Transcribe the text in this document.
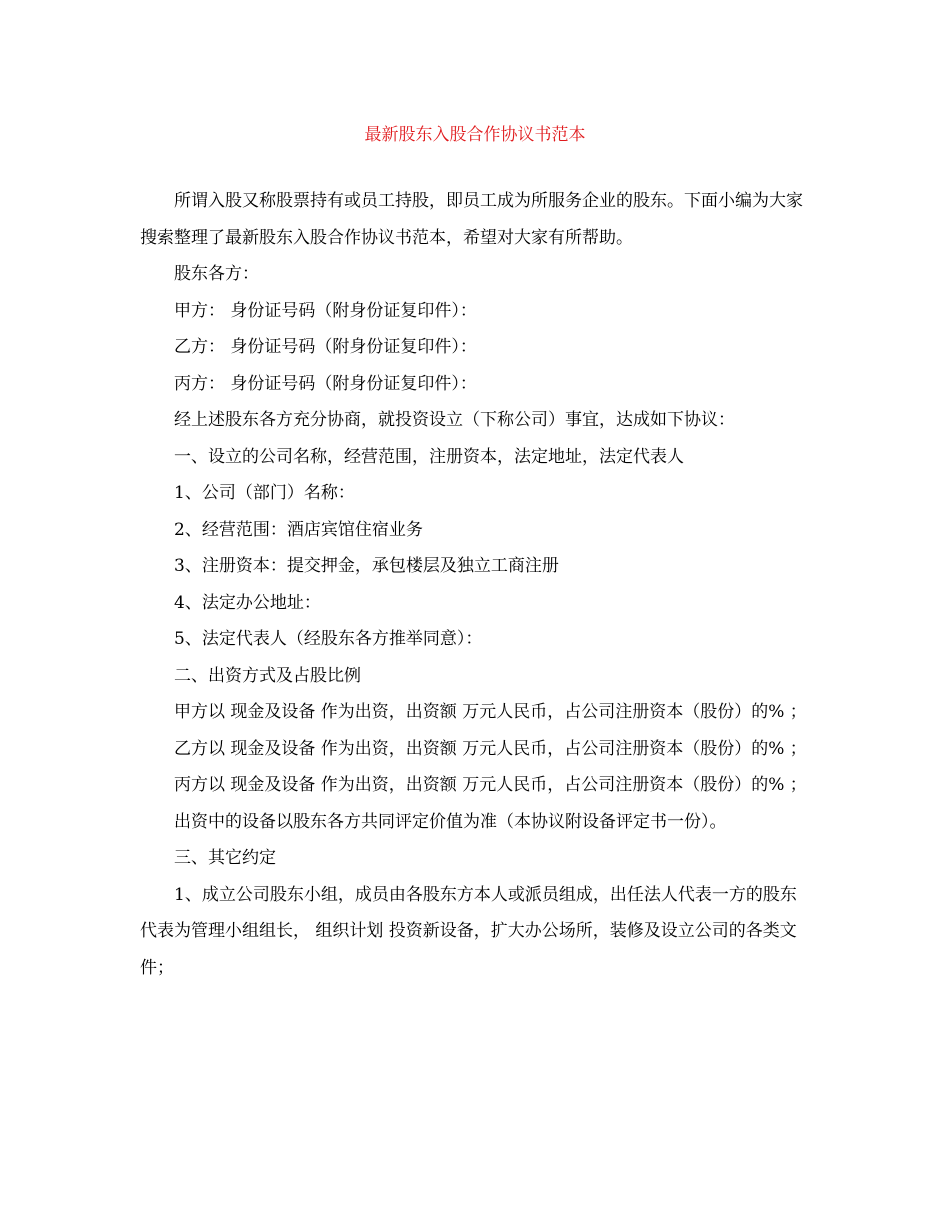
最新股东入股合作协议书范本

所谓入股又称股票持有或员工持股，即员工成为所服务企业的股东。下面小编为大家搜索整理了最新股东入股合作协议书范本，希望对大家有所帮助。

股东各方：

甲方： 身份证号码（附身份证复印件）：

乙方： 身份证号码（附身份证复印件）：

丙方： 身份证号码（附身份证复印件）：

经上述股东各方充分协商，就投资设立（下称公司）事宜，达成如下协议：

一、设立的公司名称，经营范围，注册资本，法定地址，法定代表人

1、公司（部门）名称：

2、经营范围：酒店宾馆住宿业务

3、注册资本：提交押金，承包楼层及独立工商注册

4、法定办公地址：

5、法定代表人（经股东各方推举同意）：

二、出资方式及占股比例

甲方以 现金及设备 作为出资，出资额 万元人民币，占公司注册资本（股份）的% ；

乙方以 现金及设备 作为出资，出资额 万元人民币，占公司注册资本（股份）的% ；

丙方以 现金及设备 作为出资，出资额 万元人民币，占公司注册资本（股份）的% ；

出资中的设备以股东各方共同评定价值为准（本协议附设备评定书一份）。

三、其它约定

1、成立公司股东小组，成员由各股东方本人或派员组成，出任法人代表一方的股东代表为管理小组组长， 组织计划 投资新设备，扩大办公场所，装修及设立公司的各类文件；
